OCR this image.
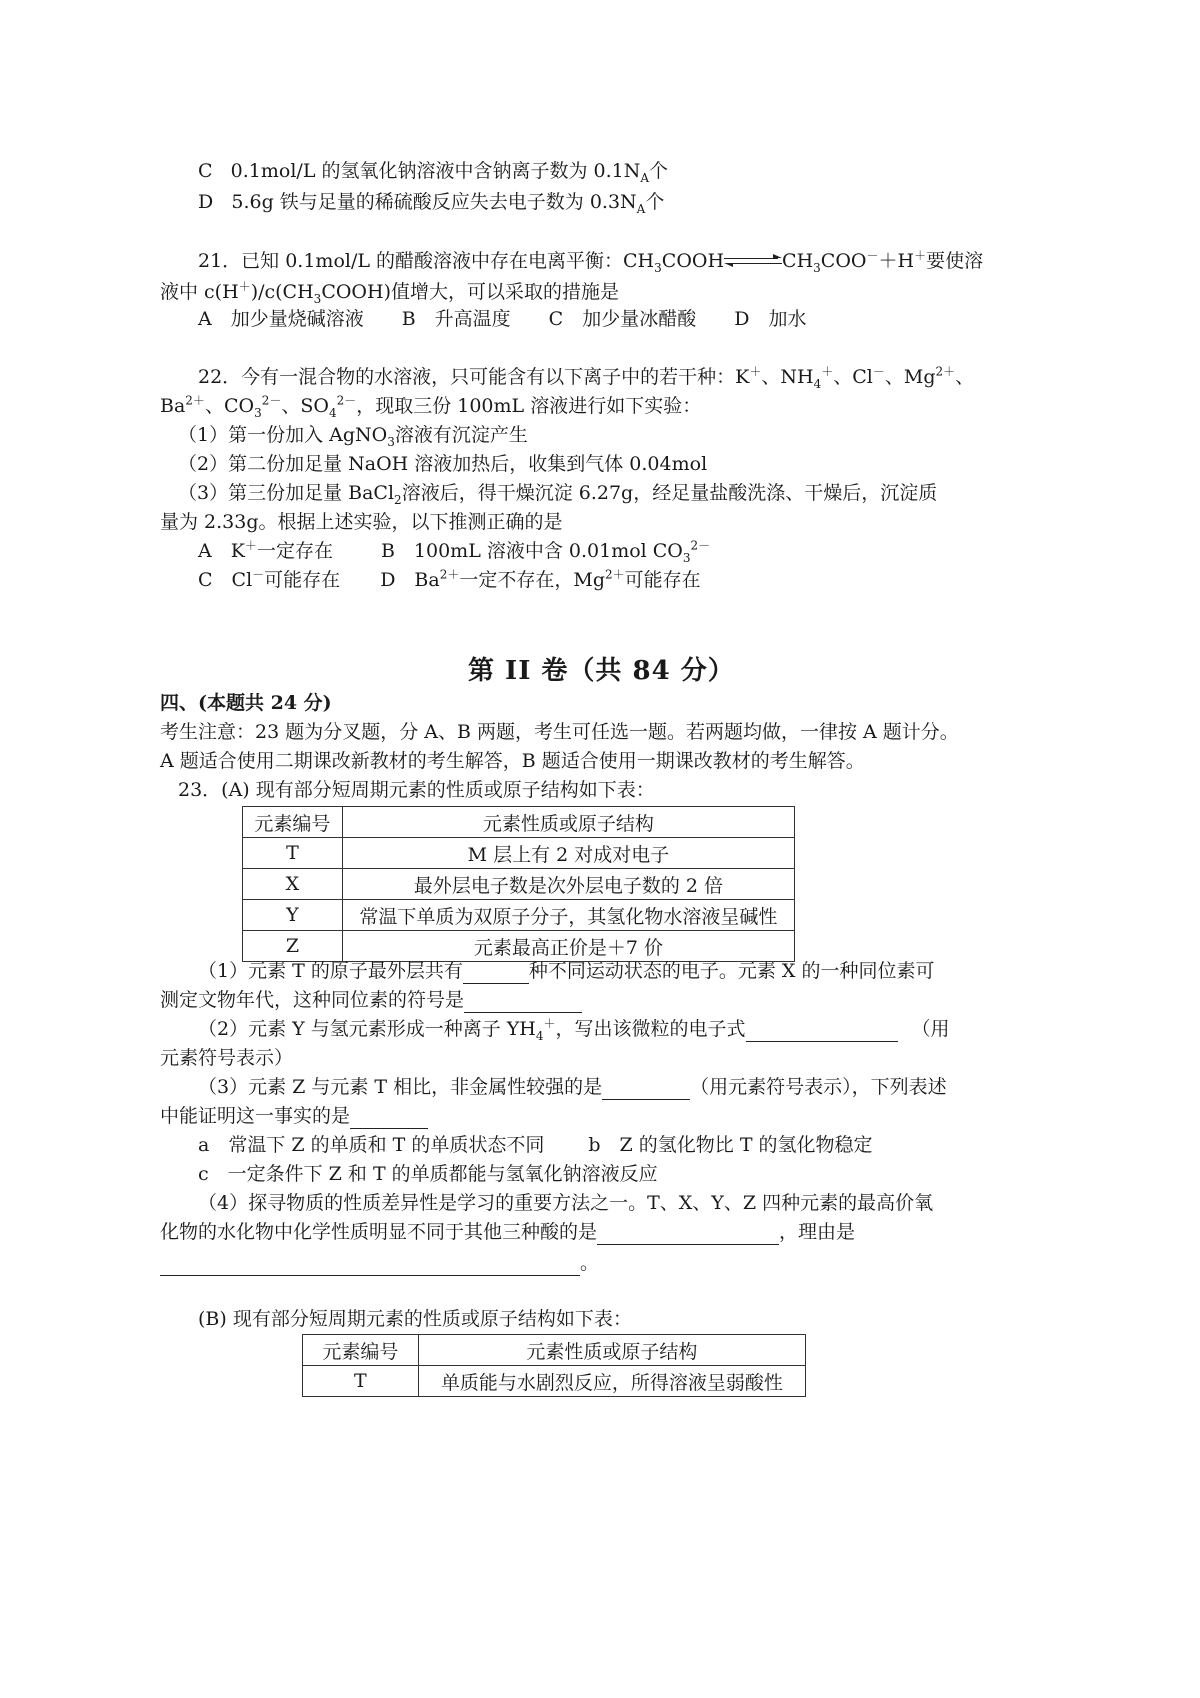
C 0.1mol/L 的氢氧化钠溶液中含钠离子数为 $0.1N_A$个
D 5.6g 铁与足量的稀硫酸反应失去电子数为 $0.3N_A$个
21．已知 0.1mol/L 的醋酸溶液中存在电离平衡：$CH_3COOH\rightleftharpoons CH_3COO^-+H^+$要使溶
液中 $c(H^+)/c(CH_3COOH)$值增大，可以采取的措施是
A　加少量烧碱溶液　　B　升高温度　　C　加少量冰醋酸　　D　加水
22．今有一混合物的水溶液，只可能含有以下离子中的若干种：K＋、$NH_4^+$、Cl－、$Mg^{2+}$、
$Ba^{2+}$、$CO_3^{2-}$、$SO_4^{2-}$，现取三份 100mL 溶液进行如下实验：
（1）第一份加入 AgNO$_3$溶液有沉淀产生
（2）第二份加足量 NaOH 溶液加热后，收集到气体 0.04mol
（3）第三份加足量 BaCl$_2$溶液后，得干燥沉淀 6.27g，经足量盐酸洗涤、干燥后，沉淀质
量为 2.33g。根据上述实验，以下推测正确的是
A　K＋一定存在	B　100mL 溶液中含 0.01mol $CO_3^{2-}$
C　Cl－可能存在 D　$Ba^{2+}$一定不存在，$Mg^{2+}$可能存在
第 II 卷（共 84 分）
四、(本题共 24 分)
考生注意：23 题为分叉题，分 A、B 两题，考生可任选一题。若两题均做，一律按 A 题计分。
A 题适合使用二期课改新教材的考生解答，B 题适合使用一期课改教材的考生解答。
23．(A) 现有部分短周期元素的性质或原子结构如下表：
元素编号	元素性质或原子结构
T	M 层上有 2 对成对电子
X	最外层电子数是次外层电子数的 2 倍
Y	常温下单质为双原子分子，其氢化物水溶液呈碱性
Z	元素最高正价是＋7 价
（1）元素 T 的原子最外层共有	种不同运动状态的电子。元素 X 的一种同位素可
测定文物年代，这种同位素的符号是
（2）元素 Y 与氢元素形成一种离子 $YH_4^+$，写出该微粒的电子式	（用
元素符号表示）
（3）元素 Z 与元素 T 相比，非金属性较强的是	（用元素符号表示），下列表述
中能证明这一事实的是
a　常温下 Z 的单质和 T 的单质状态不同 b　Z 的氢化物比 T 的氢化物稳定
c　一定条件下 Z 和 T 的单质都能与氢氧化钠溶液反应
（4）探寻物质的性质差异性是学习的重要方法之一。T、X、Y、Z 四种元素的最高价氧
化物的水化物中化学性质明显不同于其他三种酸的是	，理由是
。
(B) 现有部分短周期元素的性质或原子结构如下表：
元素编号	元素性质或原子结构
T	单质能与水剧烈反应，所得溶液呈弱酸性
